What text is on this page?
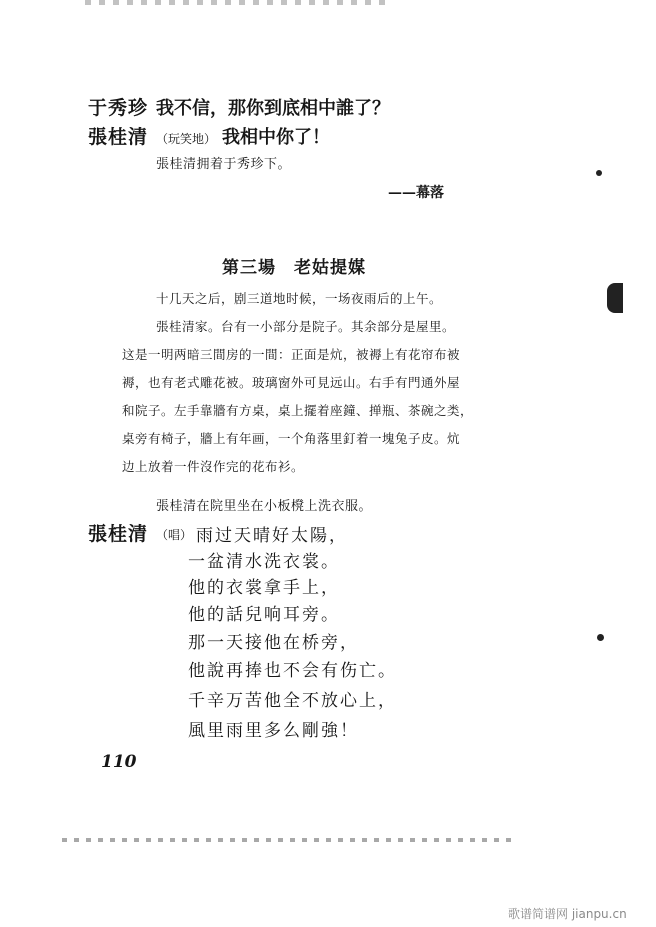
于秀珍 我不信，那你到底相中誰了？
張桂清 （玩笑地） 我相中你了！
張桂清拥着于秀珍下。
——幕落
第三場　老姑提媒
十几天之后，剧三道地时候，一场夜雨后的上午。
張桂清家。台有一小部分是院子。其余部分是屋里。
这是一明两暗三間房的一間：正面是炕，被褥上有花帘布被
褥，也有老式雕花被。玻璃窗外可見远山。右手有門通外屋
和院子。左手靠牆有方桌，桌上擺着座鐘、掸瓶、茶碗之类，
桌旁有椅子，牆上有年画，一个角落里釘着一塊兔子皮。炕
边上放着一件沒作完的花布衫。
張桂清在院里坐在小板櫈上洗衣服。
張桂清 （唱） 雨过天晴好太陽，
一盆清水洗衣裳。
他的衣裳拿手上，
他的話兒响耳旁。
那一天接他在桥旁，
他說再捧也不会有伤亡。
千辛万苦他全不放心上，
風里雨里多么剛強！
110
歌谱简谱网 jianpu.cn
